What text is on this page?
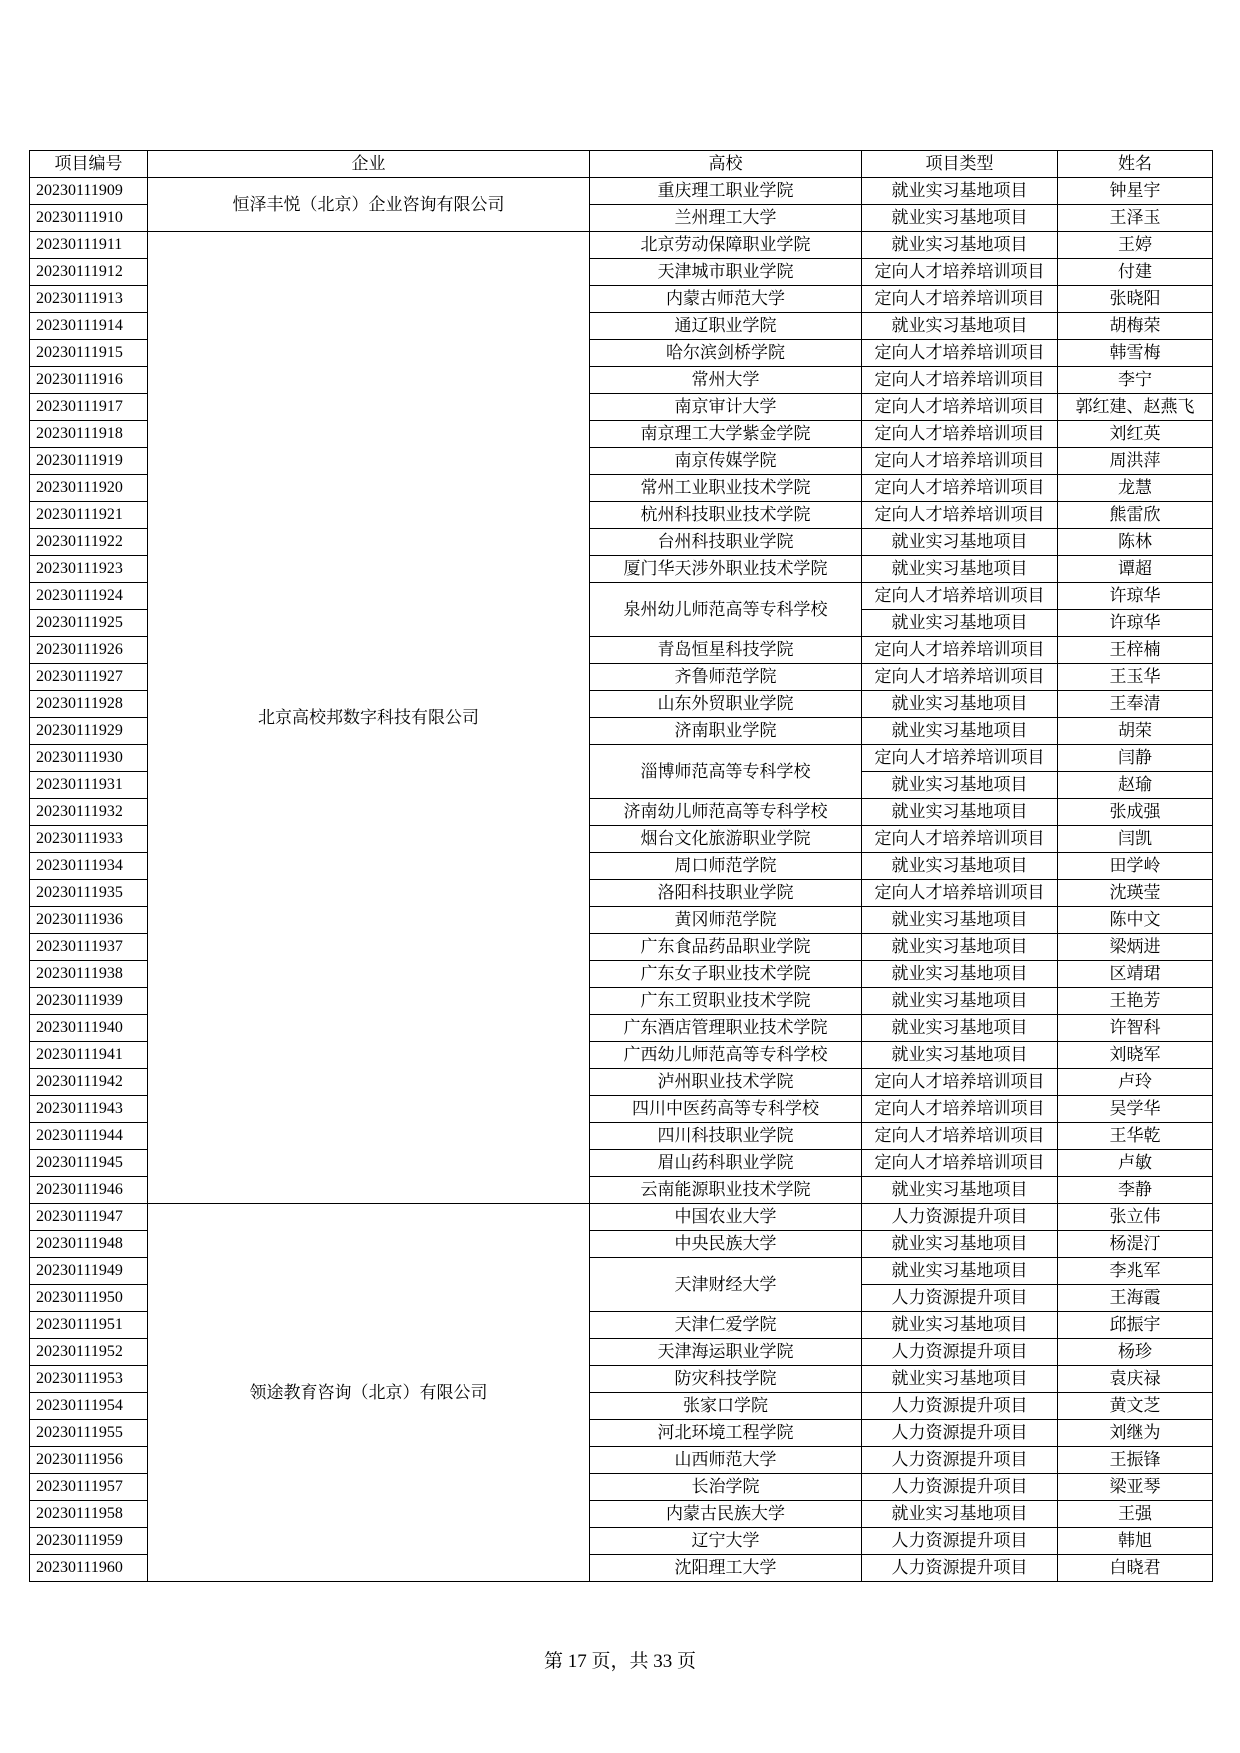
项目编号	企业	高校	项目类型	姓名
20230111909	恒泽丰悦（北京）企业咨询有限公司	重庆理工职业学院	就业实习基地项目	钟星宇
20230111910		兰州理工大学	就业实习基地项目	王泽玉
20230111911	北京高校邦数字科技有限公司	北京劳动保障职业学院	就业实习基地项目	王婷
20230111912		天津城市职业学院	定向人才培养培训项目	付建
20230111913		内蒙古师范大学	定向人才培养培训项目	张晓阳
20230111914		通辽职业学院	就业实习基地项目	胡梅荣
20230111915		哈尔滨剑桥学院	定向人才培养培训项目	韩雪梅
20230111916		常州大学	定向人才培养培训项目	李宁
20230111917		南京审计大学	定向人才培养培训项目	郭红建、赵燕飞
20230111918		南京理工大学紫金学院	定向人才培养培训项目	刘红英
20230111919		南京传媒学院	定向人才培养培训项目	周洪萍
20230111920		常州工业职业技术学院	定向人才培养培训项目	龙慧
20230111921		杭州科技职业技术学院	定向人才培养培训项目	熊雷欣
20230111922		台州科技职业学院	就业实习基地项目	陈林
20230111923		厦门华天涉外职业技术学院	就业实习基地项目	谭超
20230111924		泉州幼儿师范高等专科学校	定向人才培养培训项目	许琼华
20230111925			就业实习基地项目	许琼华
20230111926		青岛恒星科技学院	定向人才培养培训项目	王梓楠
20230111927		齐鲁师范学院	定向人才培养培训项目	王玉华
20230111928		山东外贸职业学院	就业实习基地项目	王奉清
20230111929		济南职业学院	就业实习基地项目	胡荣
20230111930		淄博师范高等专科学校	定向人才培养培训项目	闫静
20230111931			就业实习基地项目	赵瑜
20230111932		济南幼儿师范高等专科学校	就业实习基地项目	张成强
20230111933		烟台文化旅游职业学院	定向人才培养培训项目	闫凯
20230111934		周口师范学院	就业实习基地项目	田学岭
20230111935		洛阳科技职业学院	定向人才培养培训项目	沈瑛莹
20230111936		黄冈师范学院	就业实习基地项目	陈中文
20230111937		广东食品药品职业学院	就业实习基地项目	梁炳进
20230111938		广东女子职业技术学院	就业实习基地项目	区靖珺
20230111939		广东工贸职业技术学院	就业实习基地项目	王艳芳
20230111940		广东酒店管理职业技术学院	就业实习基地项目	许智科
20230111941		广西幼儿师范高等专科学校	就业实习基地项目	刘晓军
20230111942		泸州职业技术学院	定向人才培养培训项目	卢玲
20230111943		四川中医药高等专科学校	定向人才培养培训项目	吴学华
20230111944		四川科技职业学院	定向人才培养培训项目	王华乾
20230111945		眉山药科职业学院	定向人才培养培训项目	卢敏
20230111946		云南能源职业技术学院	就业实习基地项目	李静
20230111947	领途教育咨询（北京）有限公司	中国农业大学	人力资源提升项目	张立伟
20230111948		中央民族大学	就业实习基地项目	杨湜汀
20230111949		天津财经大学	就业实习基地项目	李兆军
20230111950			人力资源提升项目	王海霞
20230111951		天津仁爱学院	就业实习基地项目	邱振宇
20230111952		天津海运职业学院	人力资源提升项目	杨珍
20230111953		防灾科技学院	就业实习基地项目	袁庆禄
20230111954		张家口学院	人力资源提升项目	黄文芝
20230111955		河北环境工程学院	人力资源提升项目	刘继为
20230111956		山西师范大学	人力资源提升项目	王振锋
20230111957		长治学院	人力资源提升项目	梁亚琴
20230111958		内蒙古民族大学	就业实习基地项目	王强
20230111959		辽宁大学	人力资源提升项目	韩旭
20230111960		沈阳理工大学	人力资源提升项目	白晓君
第 17 页，共 33 页
